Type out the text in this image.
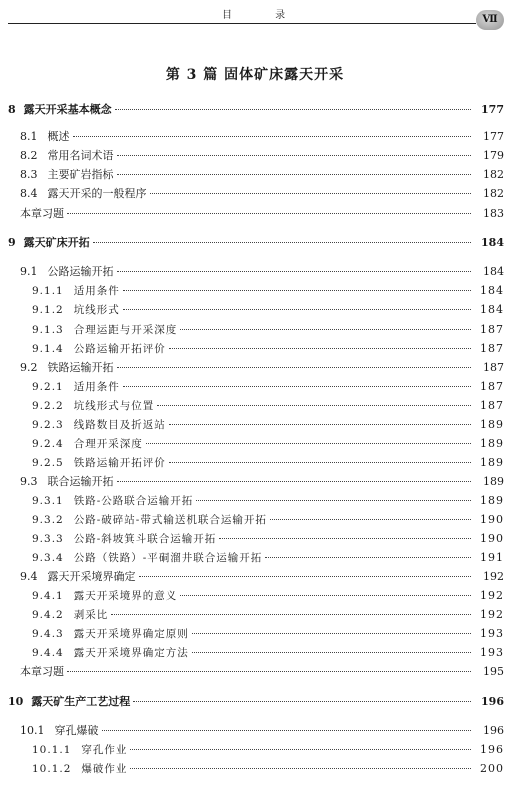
目 录	Ⅶ
第 3 篇 固体矿床露天开采
8 露天开采基本概念	177
8.1 概述	177
8.2 常用名词术语	179
8.3 主要矿岩指标	182
8.4 露天开采的一般程序	182
本章习题	183
9 露天矿床开拓	184
9.1 公路运输开拓	184
9.1.1 适用条件	184
9.1.2 坑线形式	184
9.1.3 合理运距与开采深度	187
9.1.4 公路运输开拓评价	187
9.2 铁路运输开拓	187
9.2.1 适用条件	187
9.2.2 坑线形式与位置	187
9.2.3 线路数目及折返站	189
9.2.4 合理开采深度	189
9.2.5 铁路运输开拓评价	189
9.3 联合运输开拓	189
9.3.1 铁路-公路联合运输开拓	189
9.3.2 公路-破碎站-带式输送机联合运输开拓	190
9.3.3 公路-斜坡箕斗联合运输开拓	190
9.3.4 公路（铁路）-平硐溜井联合运输开拓	191
9.4 露天开采境界确定	192
9.4.1 露天开采境界的意义	192
9.4.2 剥采比	192
9.4.3 露天开采境界确定原则	193
9.4.4 露天开采境界确定方法	193
本章习题	195
10 露天矿生产工艺过程	196
10.1 穿孔爆破	196
10.1.1 穿孔作业	196
10.1.2 爆破作业	200
